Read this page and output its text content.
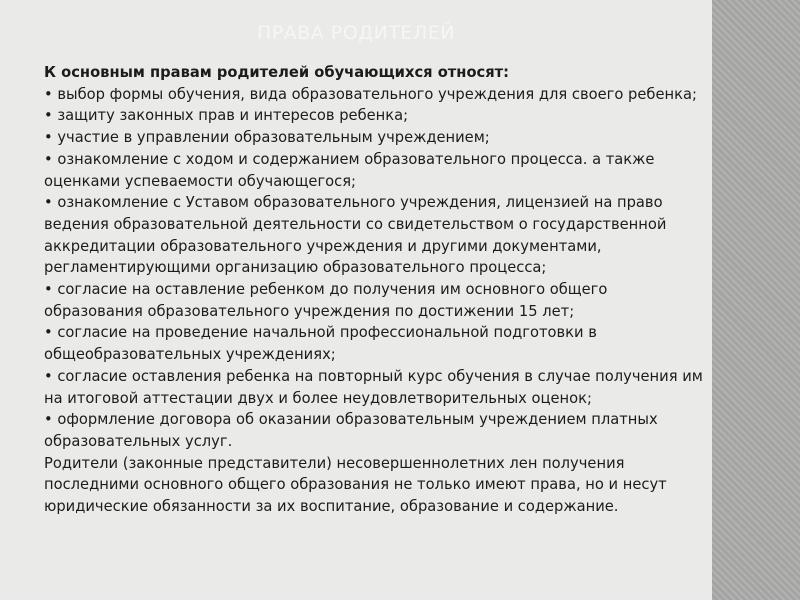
ПРАВА РОДИТЕЛЕЙ

К основным правам родителей обучающихся относят:

• выбор формы обучения, вида образовательного учреждения для своего ребенка;
• защиту законных прав и интересов ребенка;
• участие в управлении образовательным учреждением;
• ознакомление с ходом и содержанием образовательного процесса. а также оценками успеваемости обучающегося;
• ознакомление с Уставом образовательного учреждения, лицензией на право ведения образовательной деятельности со свидетельством о государственной аккредитации образовательного учреждения и другими документами, регламентирующими организацию образовательного процесса;
• согласие на оставление ребенком до получения им основного общего образования образовательного учреждения по достижении 15 лет;
• согласие на проведение начальной профессиональной подготовки в общеобразовательных учреждениях;
• согласие оставления ребенка на повторный курс обучения в случае получения им на итоговой аттестации двух и более неудовлетворительных оценок;
• оформление договора об оказании образовательным учреждением платных образовательных услуг.

Родители (законные представители) несовершеннолетних лен получения последними основного общего образования не только имеют права, но и несут юридические обязанности за их воспитание, образование и содержание.
